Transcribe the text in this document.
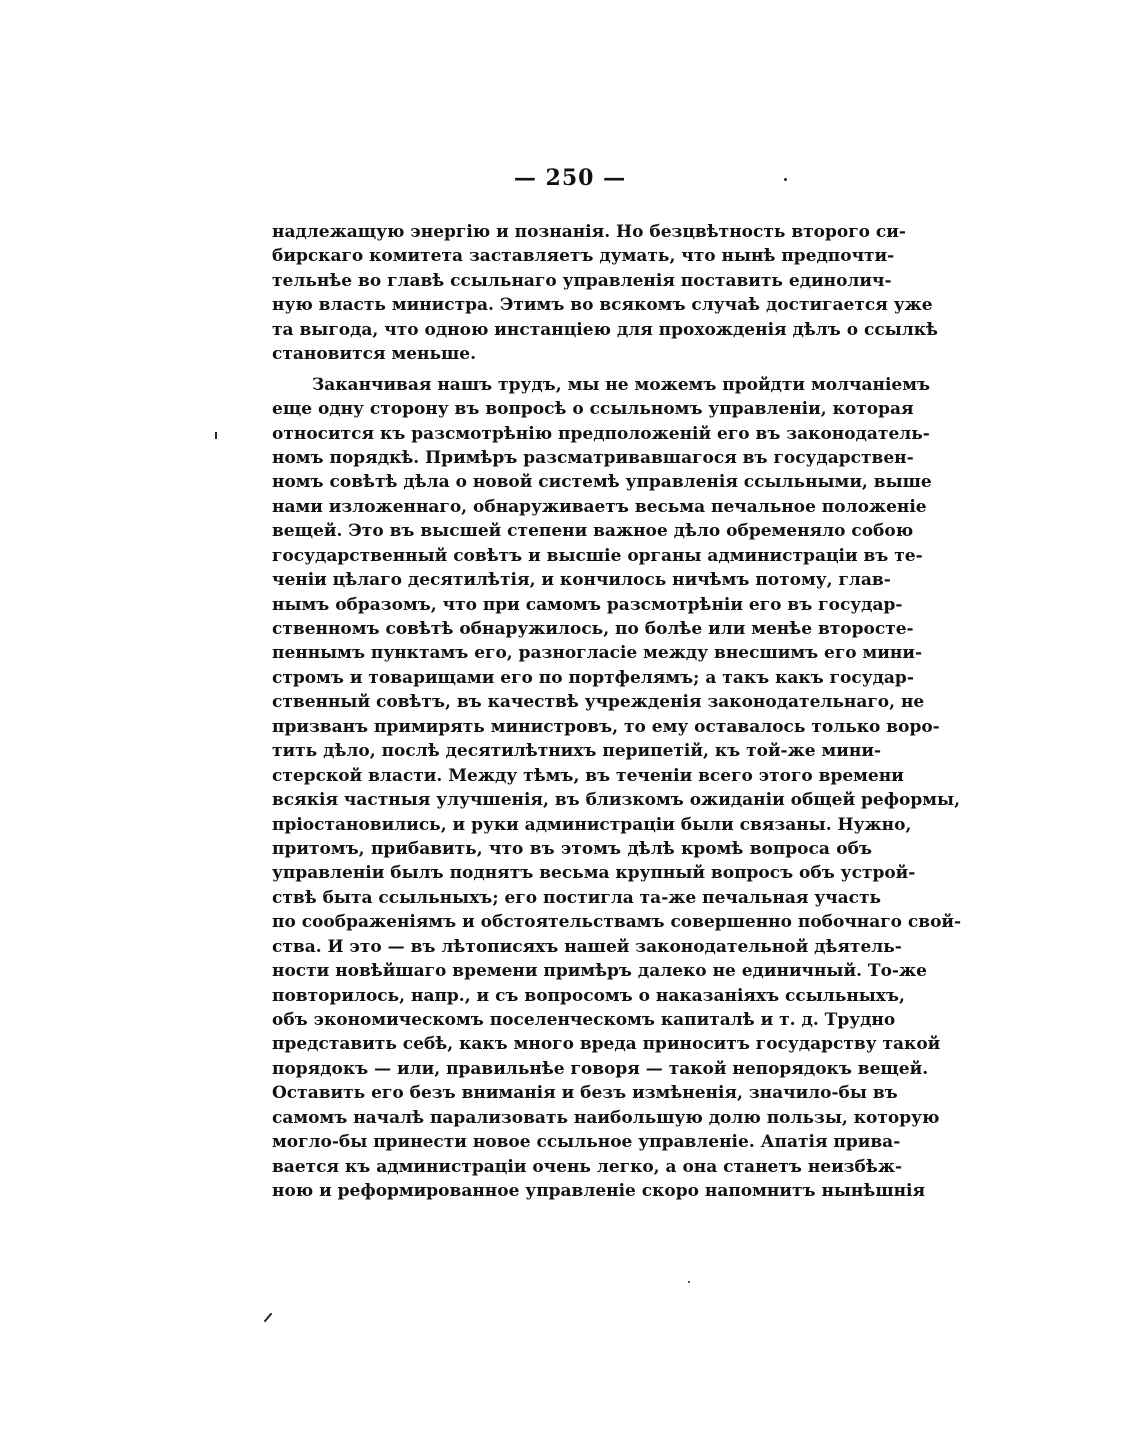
— 250 —
надлежащую энергію и познанія. Но безцвѣтность второго си-
бирскаго комитета заставляетъ думать, что нынѣ предпочти-
тельнѣе во главѣ ссыльнаго управленія поставить единолич-
ную власть министра. Этимъ во всякомъ случаѣ достигается уже
та выгода, что одною инстанціею для прохожденія дѣлъ о ссылкѣ
становится меньше.
Заканчивая нашъ трудъ, мы не можемъ пройдти молчаніемъ
еще одну сторону въ вопросѣ о ссыльномъ управленіи, которая
относится къ разсмотрѣнію предположеній его въ законодатель-
номъ порядкѣ. Примѣръ разсматривавшагося въ государствен-
номъ совѣтѣ дѣла о новой системѣ управленія ссыльными, выше
нами изложеннаго, обнаруживаетъ весьма печальное положеніе
вещей. Это въ высшей степени важное дѣло обременяло собою
государственный совѣтъ и высшіе органы администраціи въ те-
ченіи цѣлаго десятилѣтія, и кончилось ничѣмъ потому, глав-
нымъ образомъ, что при самомъ разсмотрѣніи его въ государ-
ственномъ совѣтѣ обнаружилось, по болѣе или менѣе второсте-
пеннымъ пунктамъ его, разногласіе между внесшимъ его мини-
стромъ и товарищами его по портфелямъ; а такъ какъ государ-
ственный совѣтъ, въ качествѣ учрежденія законодательнаго, не
призванъ примирять министровъ, то ему оставалось только воро-
тить дѣло, послѣ десятилѣтнихъ перипетій, къ той-же мини-
стерской власти. Между тѣмъ, въ теченіи всего этого времени
всякія частныя улучшенія, въ близкомъ ожиданіи общей реформы,
пріостановились, и руки администраціи были связаны. Нужно,
притомъ, прибавить, что въ этомъ дѣлѣ кромѣ вопроса объ
управленіи былъ поднятъ весьма крупный вопросъ объ устрой-
ствѣ быта ссыльныхъ; его постигла та-же печальная участь
по соображеніямъ и обстоятельствамъ совершенно побочнаго свой-
ства. И это — въ лѣтописяхъ нашей законодательной дѣятель-
ности новѣйшаго времени примѣръ далеко не единичный. То-же
повторилось, напр., и съ вопросомъ о наказаніяхъ ссыльныхъ,
объ экономическомъ поселенческомъ капиталѣ и т. д. Трудно
представить себѣ, какъ много вреда приноситъ государству такой
порядокъ — или, правильнѣе говоря — такой непорядокъ вещей.
Оставить его безъ вниманія и безъ измѣненія, значило-бы въ
самомъ началѣ парализовать наибольшую долю пользы, которую
могло-бы принести новое ссыльное управленіе. Апатія прива-
вается къ администраціи очень легко, а она станетъ неизбѣж-
ною и реформированное управленіе скоро напомнитъ нынѣшнія
